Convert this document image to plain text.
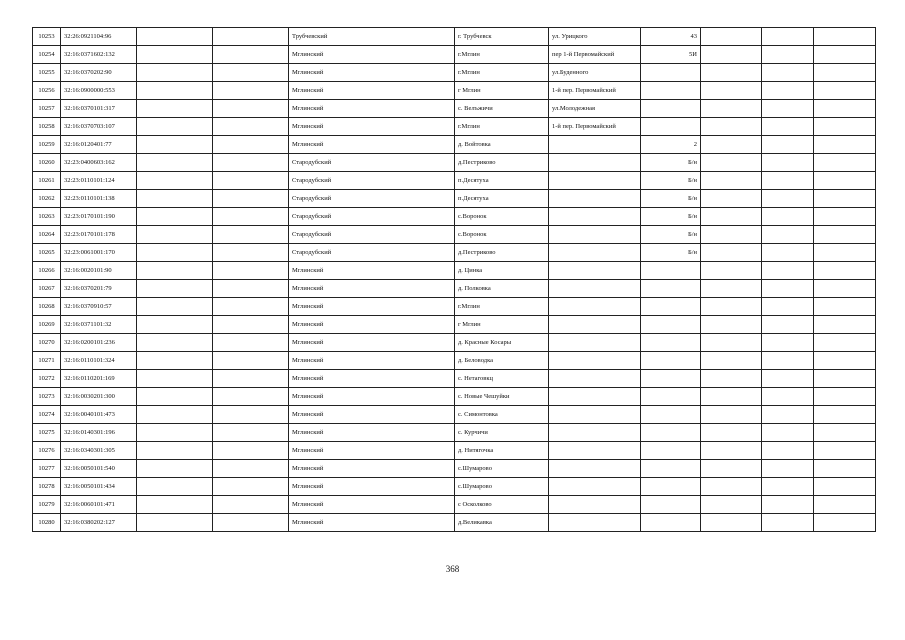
10253	32:26:0921104:96			Трубчевский	г. Трубчевск	ул. Урицкого	43			
10254	32:16:0371602:132			Мглинский	г.Мглин	пер 1-й Первомайский	5И			
10255	32:16:0370202:90			Мглинский	г.Мглин	ул.Буденного				
10256	32:16:0900000:553			Мглинский	г Мглин	1-й пер. Первомайский				
10257	32:16:0370101:317			Мглинский	с. Велъжичи	ул.Молодежная				
10258	32:16:0370703:107			Мглинский	г.Мглин	1-й пер. Первомайский				
10259	32:16:0120401:77			Мглинский	д. Войтовка		2			
10260	32:23:0400603:162			Стародубский	д.Пестриково		Б/н			
10261	32:23:0110101:124			Стародубский	п.Десятуха		Б/н			
10262	32:23:0110101:138			Стародубский	п.Десятуха		Б/н			
10263	32:23:0170101:190			Стародубский	с.Воронок		Б/н			
10264	32:23:0170101:178			Стародубский	с.Воронок		Б/н			
10265	32:23:0061001:170			Стародубский	д.Пестриково		Б/н			
10266	32:16:0020101:90			Мглинский	д. Цинка					
10267	32:16:0370201:79			Мглинский	д. Полковка					
10268	32:16:0370910:57			Мглинский	г.Мглин					
10269	32:16:0371101:32			Мглинский	г Мглин					
10270	32:16:0200101:236			Мглинский	д. Красные Косары					
10271	32:16:0110101:324			Мглинский	д. Беловодка					
10272	32:16:0110201:169			Мглинский	с. Нетаговкц					
10273	32:16:0030201:300			Мглинский	с. Новые Чешуйки					
10274	32:16:0040101:473			Мглинский	с. Симонтовка					
10275	32:16:0140301:196			Мглинский	с. Курчичи					
10276	32:16:0340301:305			Мглинский	д. Нитягочка					
10277	32:16:0050101:540			Мглинский	с.Шумарово					
10278	32:16:0050101:434			Мглинский	с.Шумарово					
10279	32:16:0060101:471			Мглинский	с Осколково					
10280	32:16:0380202:127			Мглинский	д.Великавка					
368
